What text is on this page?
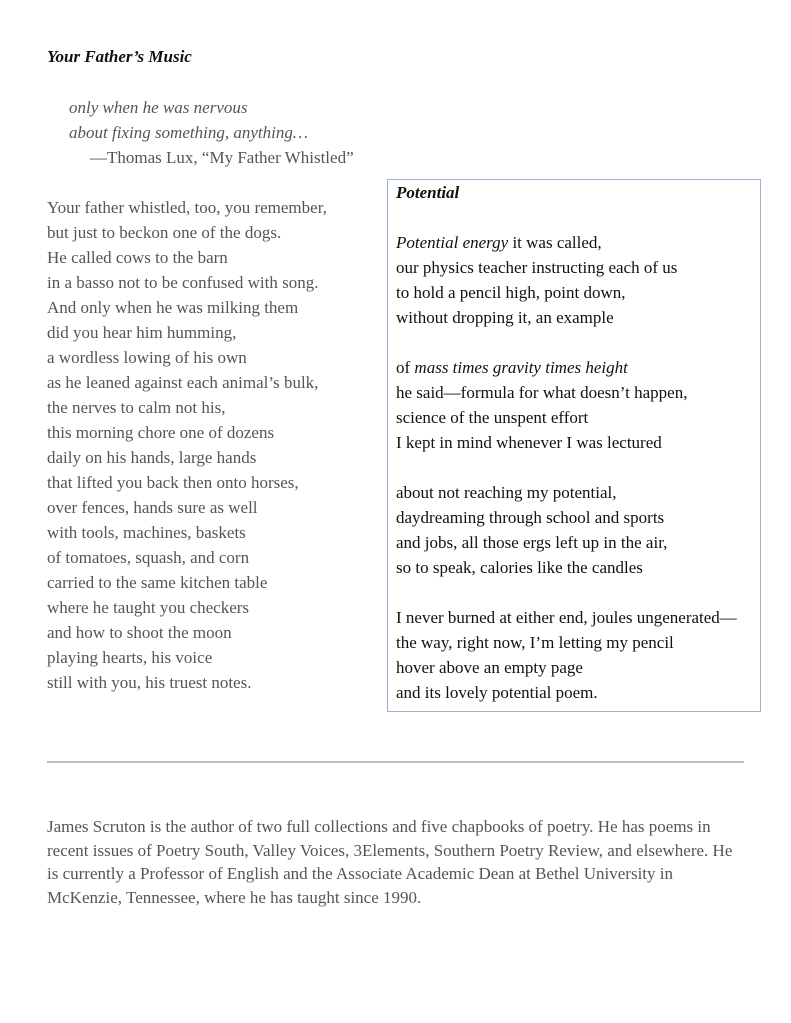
Your Father’s Music
only when he was nervous
about fixing something, anything…
—Thomas Lux, “My Father Whistled”
Your father whistled, too, you remember,
but just to beckon one of the dogs.
He called cows to the barn
in a basso not to be confused with song.
And only when he was milking them
did you hear him humming,
a wordless lowing of his own
as he leaned against each animal’s bulk,
the nerves to calm not his,
this morning chore one of dozens
daily on his hands, large hands
that lifted you back then onto horses,
over fences, hands sure as well
with tools, machines, baskets
of tomatoes, squash, and corn
carried to the same kitchen table
where he taught you checkers
and how to shoot the moon
playing hearts, his voice
still with you, his truest notes.
Potential
Potential energy it was called,
our physics teacher instructing each of us
to hold a pencil high, point down,
without dropping it, an example
of mass times gravity times height
he said—formula for what doesn’t happen,
science of the unspent effort
I kept in mind whenever I was lectured
about not reaching my potential,
daydreaming through school and sports
and jobs, all those ergs left up in the air,
so to speak, calories like the candles
I never burned at either end, joules ungenerated—
the way, right now, I’m letting my pencil
hover above an empty page
and its lovely potential poem.

James Scruton is the author of two full collections and five chapbooks of poetry. He has poems in recent issues of Poetry South, Valley Voices, 3Elements, Southern Poetry Review, and elsewhere. He is currently a Professor of English and the Associate Academic Dean at Bethel University in McKenzie, Tennessee, where he has taught since 1990.
